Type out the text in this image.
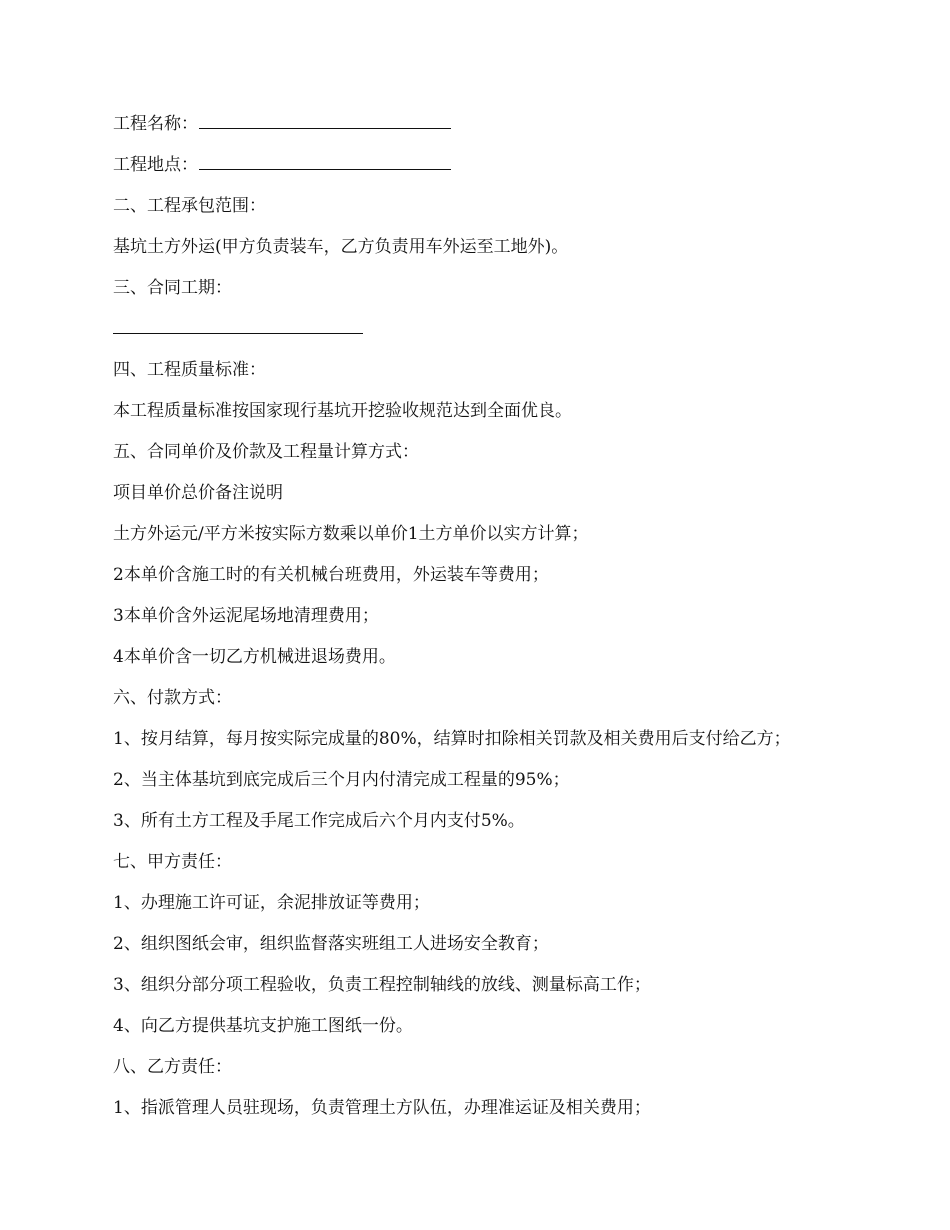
工程名称：
工程地点：
二、工程承包范围：
基坑土方外运(甲方负责装车，乙方负责用车外运至工地外)。
三、合同工期：
四、工程质量标准：
本工程质量标准按国家现行基坑开挖验收规范达到全面优良。
五、合同单价及价款及工程量计算方式：
项目单价总价备注说明
土方外运元/平方米按实际方数乘以单价1土方单价以实方计算；
2本单价含施工时的有关机械台班费用，外运装车等费用；
3本单价含外运泥尾场地清理费用；
4本单价含一切乙方机械进退场费用。
六、付款方式：
1、按月结算，每月按实际完成量的80%，结算时扣除相关罚款及相关费用后支付给乙方；
2、当主体基坑到底完成后三个月内付清完成工程量的95%；
3、所有土方工程及手尾工作完成后六个月内支付5%。
七、甲方责任：
1、办理施工许可证，余泥排放证等费用；
2、组织图纸会审，组织监督落实班组工人进场安全教育；
3、组织分部分项工程验收，负责工程控制轴线的放线、测量标高工作；
4、向乙方提供基坑支护施工图纸一份。
八、乙方责任：
1、指派管理人员驻现场，负责管理土方队伍，办理准运证及相关费用；
